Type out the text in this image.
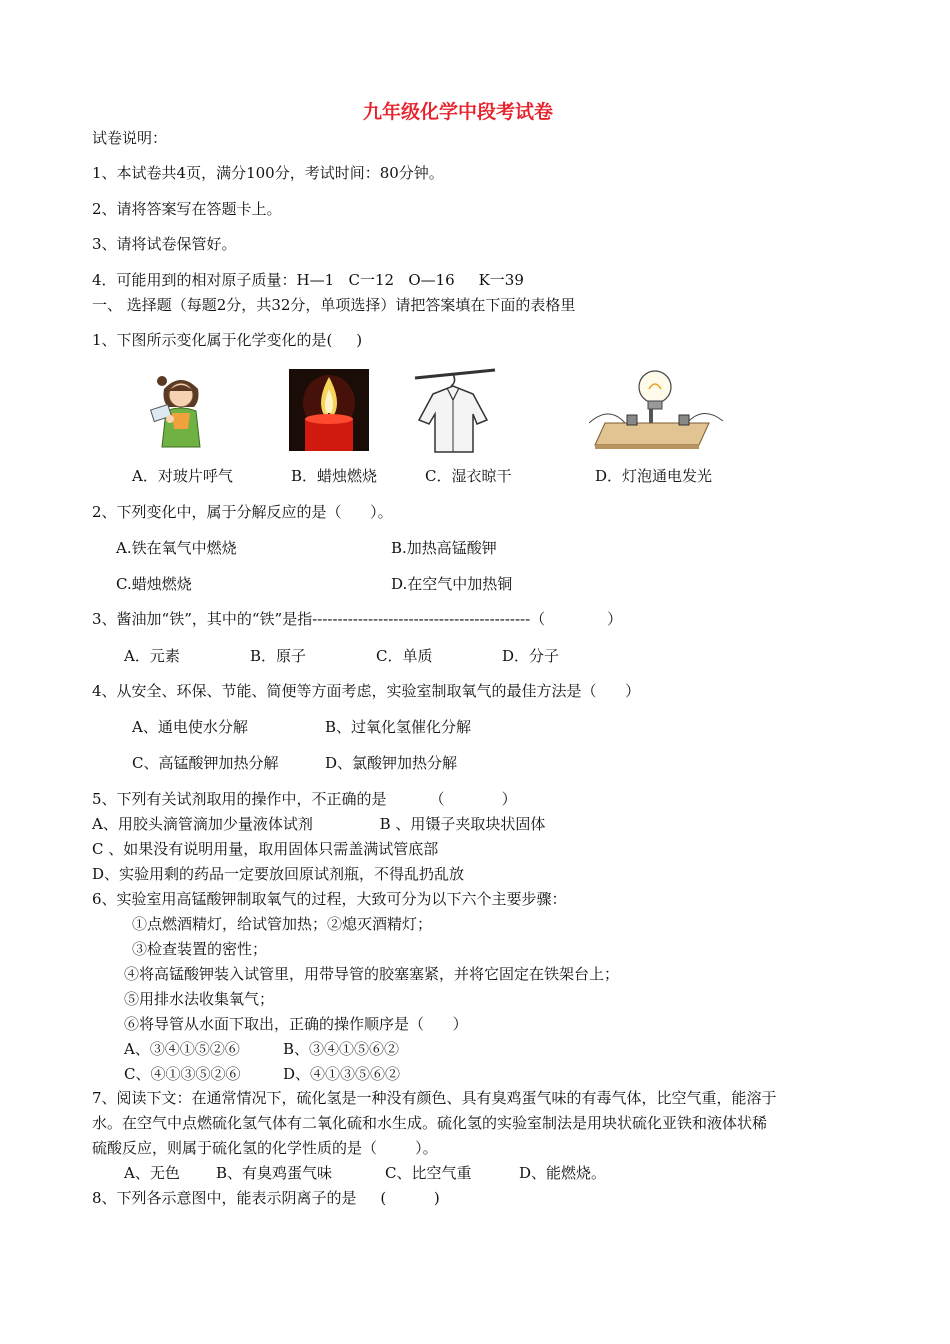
九年级化学中段考试卷
试卷说明：
1、本试卷共4页，满分100分，考试时间：80分钟。
2、请将答案写在答题卡上。
3、请将试卷保管好。
4．可能用到的相对原子质量：H—1   C一12   O—16     K一39
一、 选择题（每题2分，共32分，单项选择）请把答案填在下面的表格里
1、下图所示变化属于化学变化的是(     )
A．对玻片呼气	B．蜡烛燃烧	C．湿衣晾干	D．灯泡通电发光
2、下列变化中，属于分解反应的是（      ）。
A.铁在氧气中燃烧	B.加热高锰酸钾
C.蜡烛燃烧	D.在空气中加热铜
3、酱油加“铁”，其中的“铁”是指-------------------------------------------（             ）
A．元素	B．原子	C．单质	D．分子
4、从安全、环保、节能、简便等方面考虑，实验室制取氧气的最佳方法是（      ）
A、通电使水分解	B、过氧化氢催化分解
C、高锰酸钾加热分解	D、氯酸钾加热分解
5、下列有关试剂取用的操作中，不正确的是         （            ）
A、用胶头滴管滴加少量液体试剂              B 、用镊子夹取块状固体
C 、如果没有说明用量，取用固体只需盖满试管底部
D、实验用剩的药品一定要放回原试剂瓶，不得乱扔乱放
6、实验室用高锰酸钾制取氧气的过程，大致可分为以下六个主要步骤：
①点燃酒精灯，给试管加热；②熄灭酒精灯；
③检查装置的密性；
④将高锰酸钾装入试管里，用带导管的胶塞塞紧，并将它固定在铁架台上；
⑤用排水法收集氧气；
⑥将导管从水面下取出，正确的操作顺序是（      ）
A、③④①⑤②⑥	B、③④①⑤⑥②
C、④①③⑤②⑥	D、④①③⑤⑥②
7、阅读下文：在通常情况下，硫化氢是一种没有颜色、具有臭鸡蛋气味的有毒气体，比空气重，能溶于
水。在空气中点燃硫化氢气体有二氧化硫和水生成。硫化氢的实验室制法是用块状硫化亚铁和液体状稀
硫酸反应，则属于硫化氢的化学性质的是（        ）。
A、无色 B、有臭鸡蛋气味	C、比空气重	D、能燃烧。
8、下列各示意图中，能表示阴离子的是     (          )
